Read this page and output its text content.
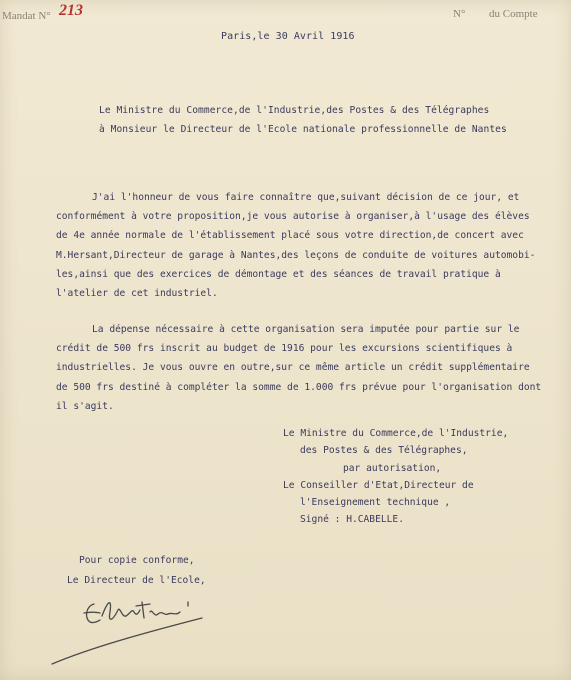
Mandat N° 213	N° du Compte
Paris,le 30 Avril 1916
Le Ministre du Commerce,de l'Industrie,des Postes & des Télégraphes
à Monsieur le Directeur de l'Ecole nationale professionnelle de Nantes
J'ai l'honneur de vous faire connaître que,suivant décision de ce jour, et
conformément à votre proposition,je vous autorise à organiser,à l'usage des élèves
de 4e année normale de l'établissement placé sous votre direction,de concert avec
M.Hersant,Directeur de garage à Nantes,des leçons de conduite de voitures automobi-
les,ainsi que des exercices de démontage et des séances de travail pratique à
l'atelier de cet industriel.
La dépense nécessaire à cette organisation sera imputée pour partie sur le
crédit de 500 frs inscrit au budget de 1916 pour les excursions scientifiques à
industrielles. Je vous ouvre en outre,sur ce même article un crédit supplémentaire
de 500 frs destiné à compléter la somme de 1.000 frs prévue pour l'organisation dont
il s'agit.
Le Ministre du Commerce,de l'Industrie,
des Postes & des Télégraphes,
par autorisation,
Le Conseiller d'Etat,Directeur de
l'Enseignement technique ,
Signé : H.CABELLE.
Pour copie conforme,
Le Directeur de l'Ecole,
